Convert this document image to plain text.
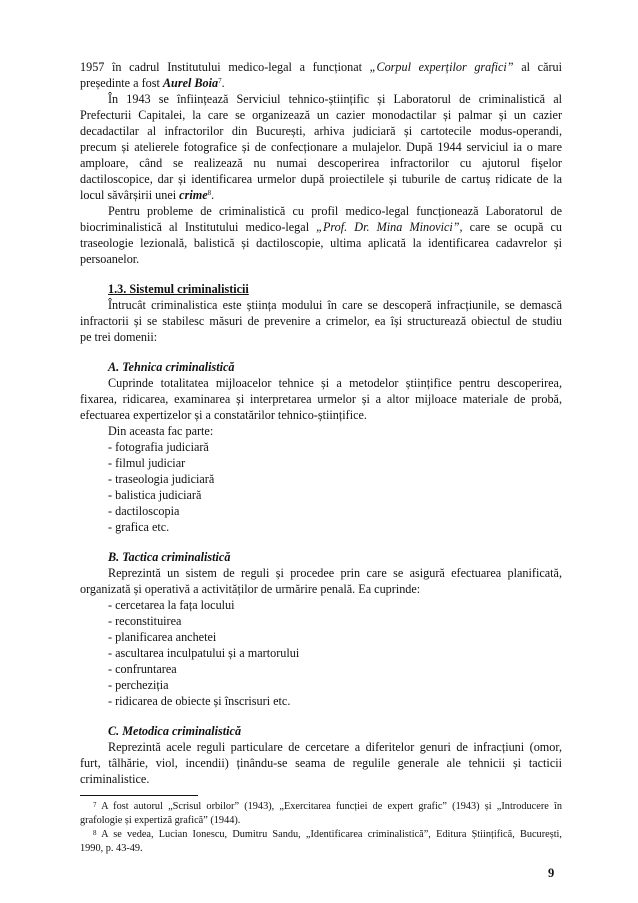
1957 în cadrul Institutului medico-legal a funcționat „Corpul experților grafici” al cărui
președinte a fost Aurel Boia$^7$.
În 1943 se înființează Serviciul tehnico-științific și Laboratorul de criminalistică al
Prefecturii Capitalei, la care se organizează un cazier monodactilar și palmar și un cazier
decadactilar al infractorilor din București, arhiva judiciară și cartotecile modus-operandi,
precum și atelierele fotografice și de confecționare a mulajelor. După 1944 serviciul ia o mare
amploare, când se realizează nu numai descoperirea infractorilor cu ajutorul fișelor
dactiloscopice, dar și identificarea urmelor după proiectilele și tuburile de cartuș ridicate de la
locul săvârșirii unei crime$^8$.
Pentru probleme de criminalistică cu profil medico-legal funcționează Laboratorul de
biocriminalistică al Institutului medico-legal „Prof. Dr. Mina Minovici”, care se ocupă cu
traseologie lezională, balistică și dactiloscopie, ultima aplicată la identificarea cadavrelor și
persoanelor.
1.3. Sistemul criminalisticii
Întrucât criminalistica este știința modului în care se descoperă infracțiunile, se demască
infractorii și se stabilesc măsuri de prevenire a crimelor, ea își structurează obiectul de studiu
pe trei domenii:
A. Tehnica criminalistică
Cuprinde totalitatea mijloacelor tehnice și a metodelor științifice pentru descoperirea,
fixarea, ridicarea, examinarea și interpretarea urmelor și a altor mijloace materiale de probă,
efectuarea expertizelor și a constatărilor tehnico-științifice.
Din aceasta fac parte:
- fotografia judiciară
- filmul judiciar
- traseologia judiciară
- balistica judiciară
- dactiloscopia
- grafica etc.
B. Tactica criminalistică
Reprezintă un sistem de reguli și procedee prin care se asigură efectuarea planificată,
organizată și operativă a activităților de urmărire penală. Ea cuprinde:
- cercetarea la fața locului
- reconstituirea
- planificarea anchetei
- ascultarea inculpatului și a martorului
- confruntarea
- percheziția
- ridicarea de obiecte și înscrisuri etc.
C. Metodica criminalistică
Reprezintă acele reguli particulare de cercetare a diferitelor genuri de infracțiuni (omor,
furt, tâlhărie, viol, incendii) ținându-se seama de regulile generale ale tehnicii și tacticii
criminalistice.
$^7$ A fost autorul „Scrisul orbilor” (1943), „Exercitarea funcției de expert grafic” (1943) și „Introducere în
grafologie și expertiză grafică” (1944).
$^8$ A se vedea, Lucian Ionescu, Dumitru Sandu, „Identificarea criminalistică”, Editura Științifică, București,
1990, p. 43-49.
9
